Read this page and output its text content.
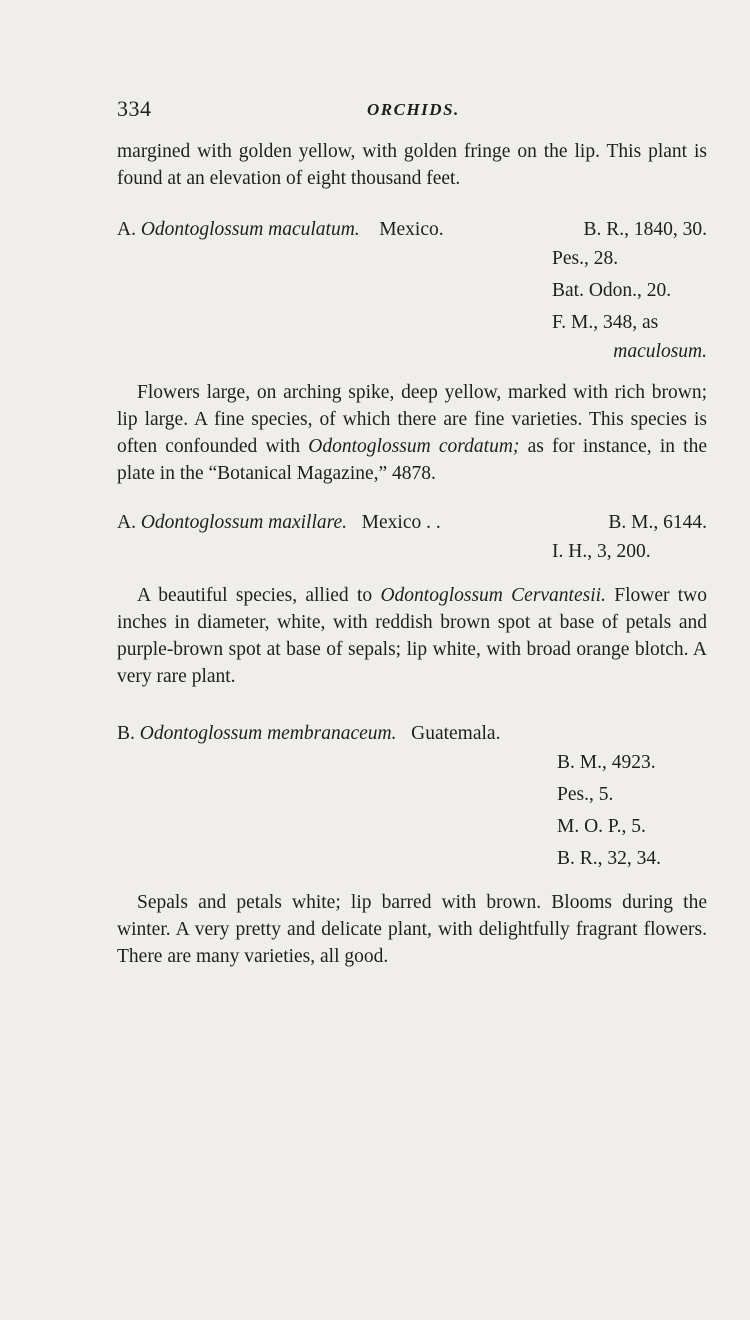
334	ORCHIDS.

margined with golden yellow, with golden fringe on the lip. This plant is found at an elevation of eight thousand feet.

A. Odontoglossum maculatum. Mexico.	B. R., 1840, 30.
Pes., 28.
Bat. Odon., 20.
F. M., 348, as
maculosum.

Flowers large, on arching spike, deep yellow, marked with rich brown; lip large. A fine species, of which there are fine varieties. This species is often confounded with Odontoglossum cordatum; as for instance, in the plate in the “Botanical Magazine,” 4878.

A. Odontoglossum maxillare. Mexico . .	B. M., 6144.
I. H., 3, 200.

A beautiful species, allied to Odontoglossum Cervantesii. Flower two inches in diameter, white, with reddish brown spot at base of petals and purple-brown spot at base of sepals; lip white, with broad orange blotch. A very rare plant.

B. Odontoglossum membranaceum. Guatemala.
B. M., 4923.
Pes., 5.
M. O. P., 5.
B. R., 32, 34.

Sepals and petals white; lip barred with brown. Blooms during the winter. A very pretty and delicate plant, with delightfully fragrant flowers. There are many varieties, all good.
